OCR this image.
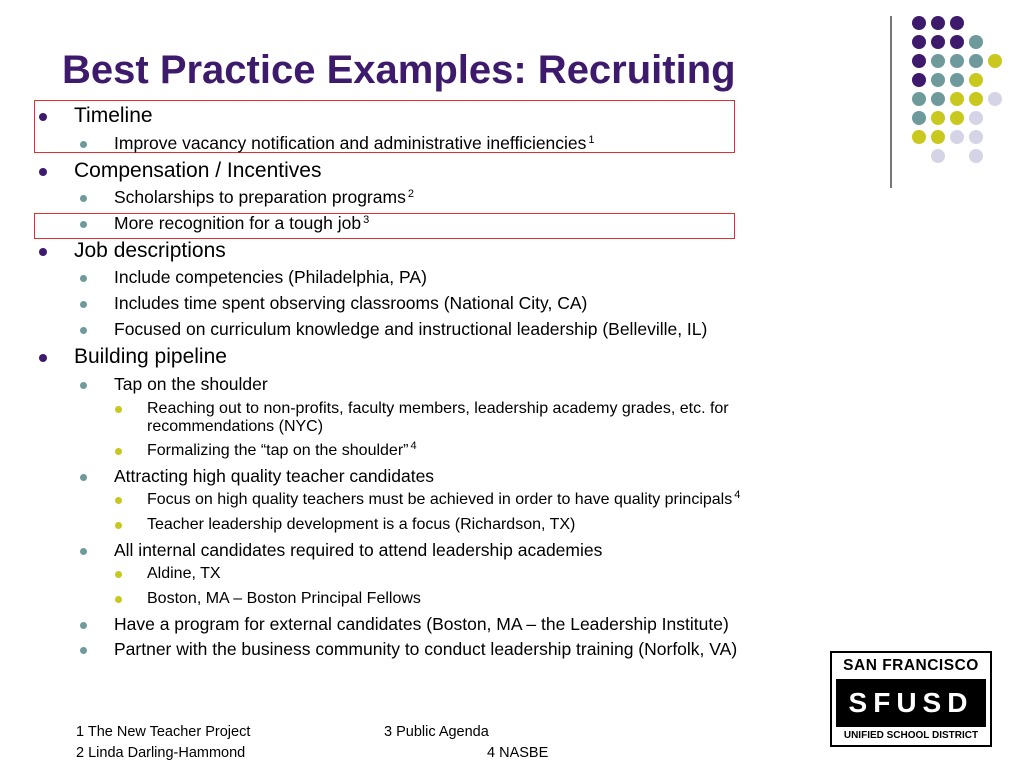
Best Practice Examples: Recruiting
Timeline
Improve vacancy notification and administrative inefficiencies $^1$
Compensation / Incentives
Scholarships to preparation programs $^2$
More recognition for a tough job $^3$
Job descriptions
Include competencies (Philadelphia, PA)
Includes time spent observing classrooms (National City, CA)
Focused on curriculum knowledge and instructional leadership (Belleville, IL)
Building pipeline
Tap on the shoulder
Reaching out to non-profits, faculty members, leadership academy grades, etc. for
recommendations (NYC)
Formalizing the “tap on the shoulder” $^4$
Attracting high quality teacher candidates
Focus on high quality teachers must be achieved in order to have quality principals $^4$
Teacher leadership development is a focus (Richardson, TX)
All internal candidates required to attend leadership academies
Aldine, TX
Boston, MA – Boston Principal Fellows
Have a program for external candidates (Boston, MA – the Leadership Institute)
Partner with the business community to conduct leadership training (Norfolk, VA)
1 The New Teacher Project
2 Linda Darling-Hammond
3 Public Agenda
4 NASBE
SAN FRANCISCO
SFUSD
UNIFIED SCHOOL DISTRICT
